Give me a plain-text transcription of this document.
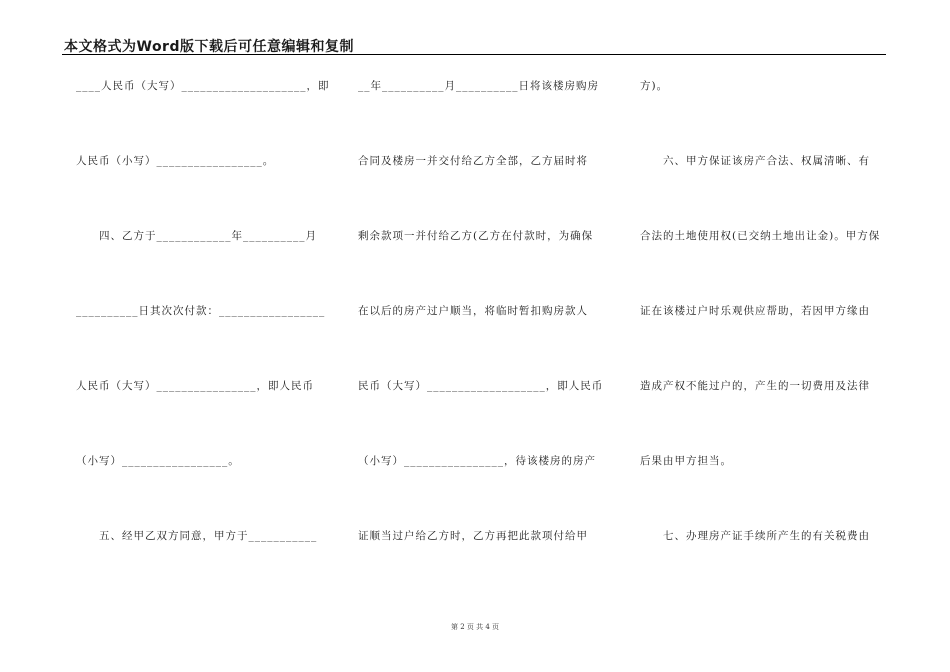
本文格式为Word版下载后可任意编辑和复制
____人民币（大写）____________________，即
人民币（小写）_________________。
　　四、乙方于____________年__________月
__________日其次次付款：_________________
人民币（大写）________________，即人民币
（小写）_________________。
　　五、经甲乙双方同意，甲方于___________
__年__________月__________日将该楼房购房
合同及楼房一并交付给乙方全部，乙方届时将
剩余款项一并付给乙方(乙方在付款时，为确保
在以后的房产过户顺当，将临时暂扣购房款人
民币（大写）___________________，即人民币
（小写）________________，待该楼房的房产
证顺当过户给乙方时，乙方再把此款项付给甲
方)。
　　六、甲方保证该房产合法、权属清晰、有
合法的土地使用权(已交纳土地出让金)。甲方保
证在该楼过户时乐观供应帮助，若因甲方缘由
造成产权不能过户的，产生的一切费用及法律
后果由甲方担当。
　　七、办理房产证手续所产生的有关税费由
第 2 页 共 4 页
